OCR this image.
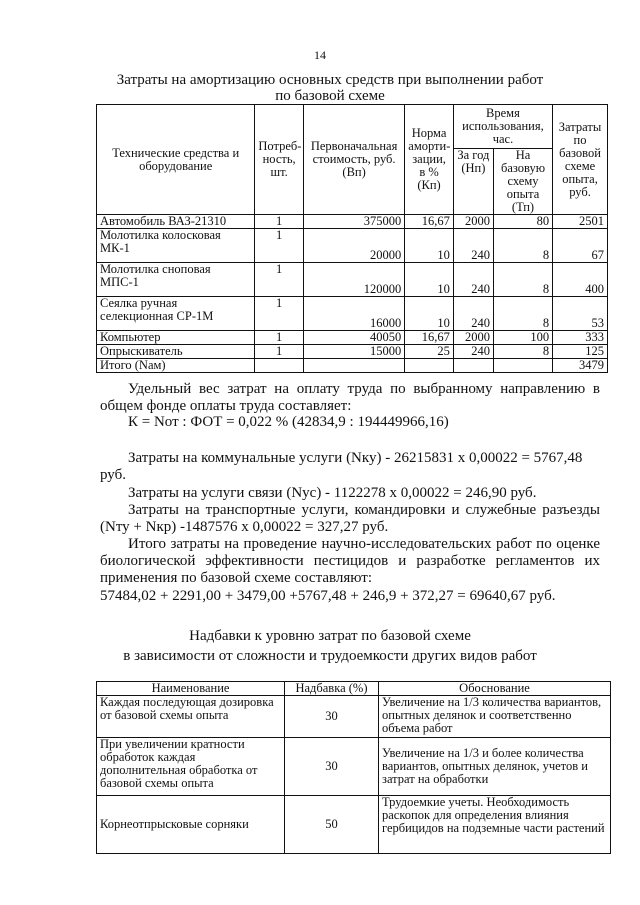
14
Затраты на амортизацию основных средств при выполнении работ
по базовой схеме
Технические средства и оборудование	Потреб-ность, шт.	Первоначальная стоимость, руб. (Вп)	Норма аморти-зации, в % (Кп)	Время использования, час.		Затраты по базовой схеме опыта, руб.
				За год (Нп)	На базовую схему опыта (Тп)	
Автомобиль ВАЗ-21310	1	375000	16,67	2000	80	2501
Молотилка колосковая МК-1	1	20000	10	240	8	67
Молотилка сноповая МПС-1	1	120000	10	240	8	400
Сеялка ручная селекционная СР-1М	1	16000	10	240	8	53
Компьютер	1	40050	16,67	2000	100	333
Опрыскиватель	1	15000	25	240	8	125
Итого (Nам)						3479
Удельный вес затрат на оплату труда по выбранному направлению в общем фонде оплаты труда составляет:
К = Nот : ФОТ = 0,022 % (42834,9 : 194449966,16)
Затраты на коммунальные услуги (Nку) - 26215831 х 0,00022 = 5767,48
руб.
Затраты на услуги связи (Nус) - 1122278 х 0,00022 = 246,90 руб.
Затраты на транспортные услуги, командировки и служебные разъезды (Nту + Nкр) -1487576 х 0,00022 = 327,27 руб.
Итого затраты на проведение научно-исследовательских работ по оценке биологической эффективности пестицидов и разработке регламентов их применения по базовой схеме составляют:
57484,02 + 2291,00 + 3479,00 +5767,48 + 246,9 + 372,27 = 69640,67 руб.
Надбавки к уровню затрат по базовой схеме
в зависимости от сложности и трудоемкости других видов работ
Наименование	Надбавка (%)	Обоснование
Каждая последующая дозировка от базовой схемы опыта	30	Увеличение на 1/3 количества вариантов, опытных делянок и соответственно объема работ
При увеличении кратности обработок каждая дополнительная обработка от базовой схемы опыта	30	Увеличение на 1/3 и более количества вариантов, опытных делянок, учетов и затрат на обработки
Корнеотпрысковые сорняки	50	Трудоемкие учеты. Необходимость раскопок для определения влияния гербицидов на подземные части растений
